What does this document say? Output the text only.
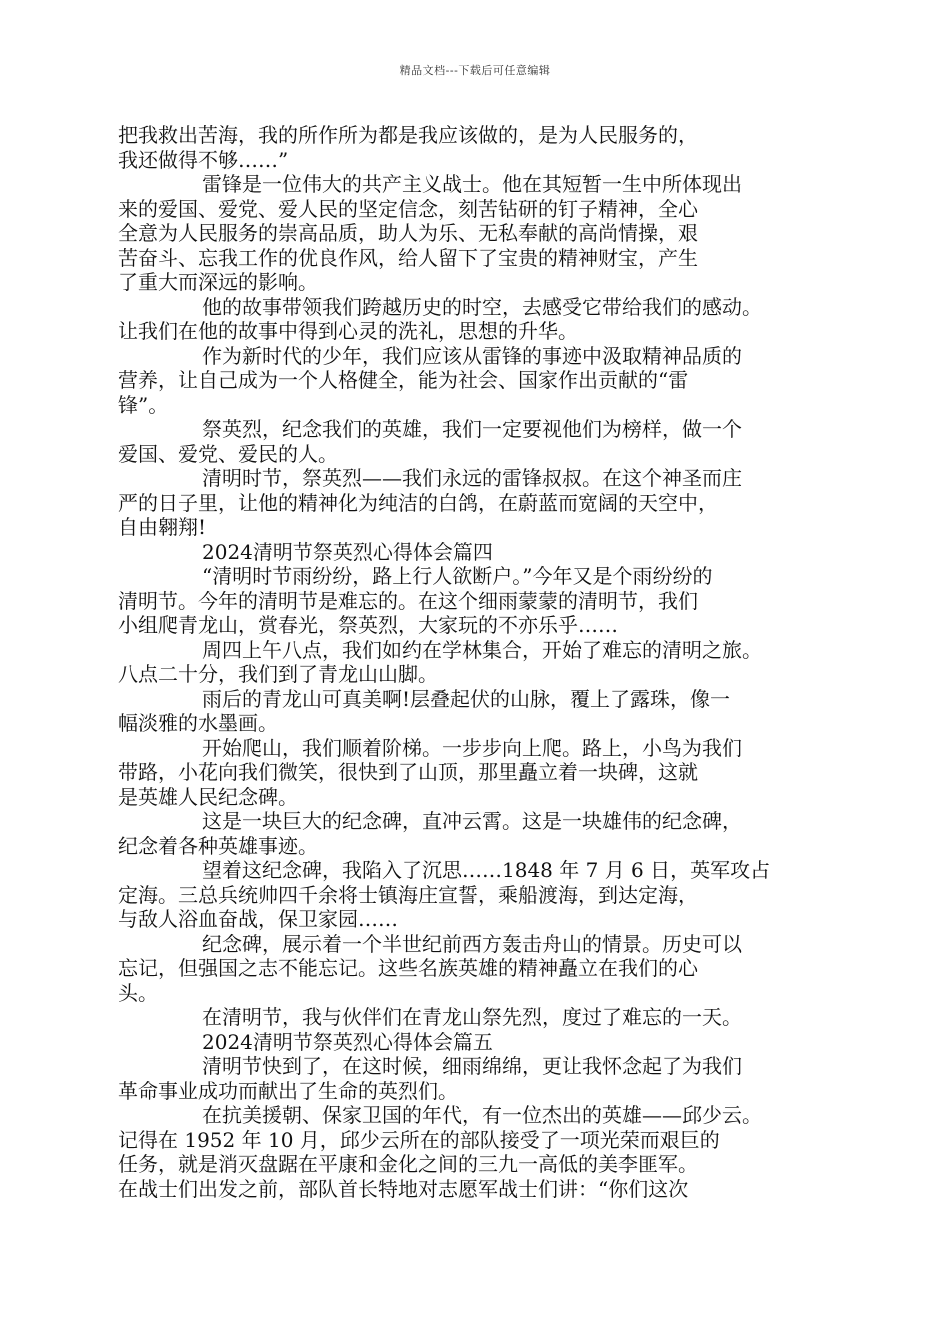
精品文档---下载后可任意编辑
把我救出苦海，我的所作所为都是我应该做的，是为人民服务的，
我还做得不够……”
雷锋是一位伟大的共产主义战士。他在其短暂一生中所体现出
来的爱国、爱党、爱人民的坚定信念，刻苦钻研的钉子精神，全心
全意为人民服务的崇高品质，助人为乐、无私奉献的高尚情操，艰
苦奋斗、忘我工作的优良作风，给人留下了宝贵的精神财宝，产生
了重大而深远的影响。
他的故事带领我们跨越历史的时空，去感受它带给我们的感动。
让我们在他的故事中得到心灵的洗礼，思想的升华。
作为新时代的少年，我们应该从雷锋的事迹中汲取精神品质的
营养，让自己成为一个人格健全，能为社会、国家作出贡献的“雷
锋”。
祭英烈，纪念我们的英雄，我们一定要视他们为榜样，做一个
爱国、爱党、爱民的人。
清明时节，祭英烈——我们永远的雷锋叔叔。在这个神圣而庄
严的日子里，让他的精神化为纯洁的白鸽，在蔚蓝而宽阔的天空中，
自由翱翔!
2024清明节祭英烈心得体会篇四
“清明时节雨纷纷，路上行人欲断户。”今年又是个雨纷纷的
清明节。今年的清明节是难忘的。在这个细雨蒙蒙的清明节，我们
小组爬青龙山，赏春光，祭英烈，大家玩的不亦乐乎……
周四上午八点，我们如约在学林集合，开始了难忘的清明之旅。
八点二十分，我们到了青龙山山脚。
雨后的青龙山可真美啊!层叠起伏的山脉，覆上了露珠，像一
幅淡雅的水墨画。
开始爬山，我们顺着阶梯。一步步向上爬。路上，小鸟为我们
带路，小花向我们微笑，很快到了山顶，那里矗立着一块碑，这就
是英雄人民纪念碑。
这是一块巨大的纪念碑，直冲云霄。这是一块雄伟的纪念碑，
纪念着各种英雄事迹。
望着这纪念碑，我陷入了沉思……1848 年 7 月 6 日，英军攻占
定海。三总兵统帅四千余将士镇海庄宣誓，乘船渡海，到达定海，
与敌人浴血奋战，保卫家园……
纪念碑，展示着一个半世纪前西方轰击舟山的情景。历史可以
忘记，但强国之志不能忘记。这些名族英雄的精神矗立在我们的心
头。
在清明节，我与伙伴们在青龙山祭先烈，度过了难忘的一天。
2024清明节祭英烈心得体会篇五
清明节快到了，在这时候，细雨绵绵，更让我怀念起了为我们
革命事业成功而献出了生命的英烈们。
在抗美援朝、保家卫国的年代，有一位杰出的英雄——邱少云。
记得在 1952 年 10 月，邱少云所在的部队接受了一项光荣而艰巨的
任务，就是消灭盘踞在平康和金化之间的三九一高低的美李匪军。
在战士们出发之前，部队首长特地对志愿军战士们讲：“你们这次
